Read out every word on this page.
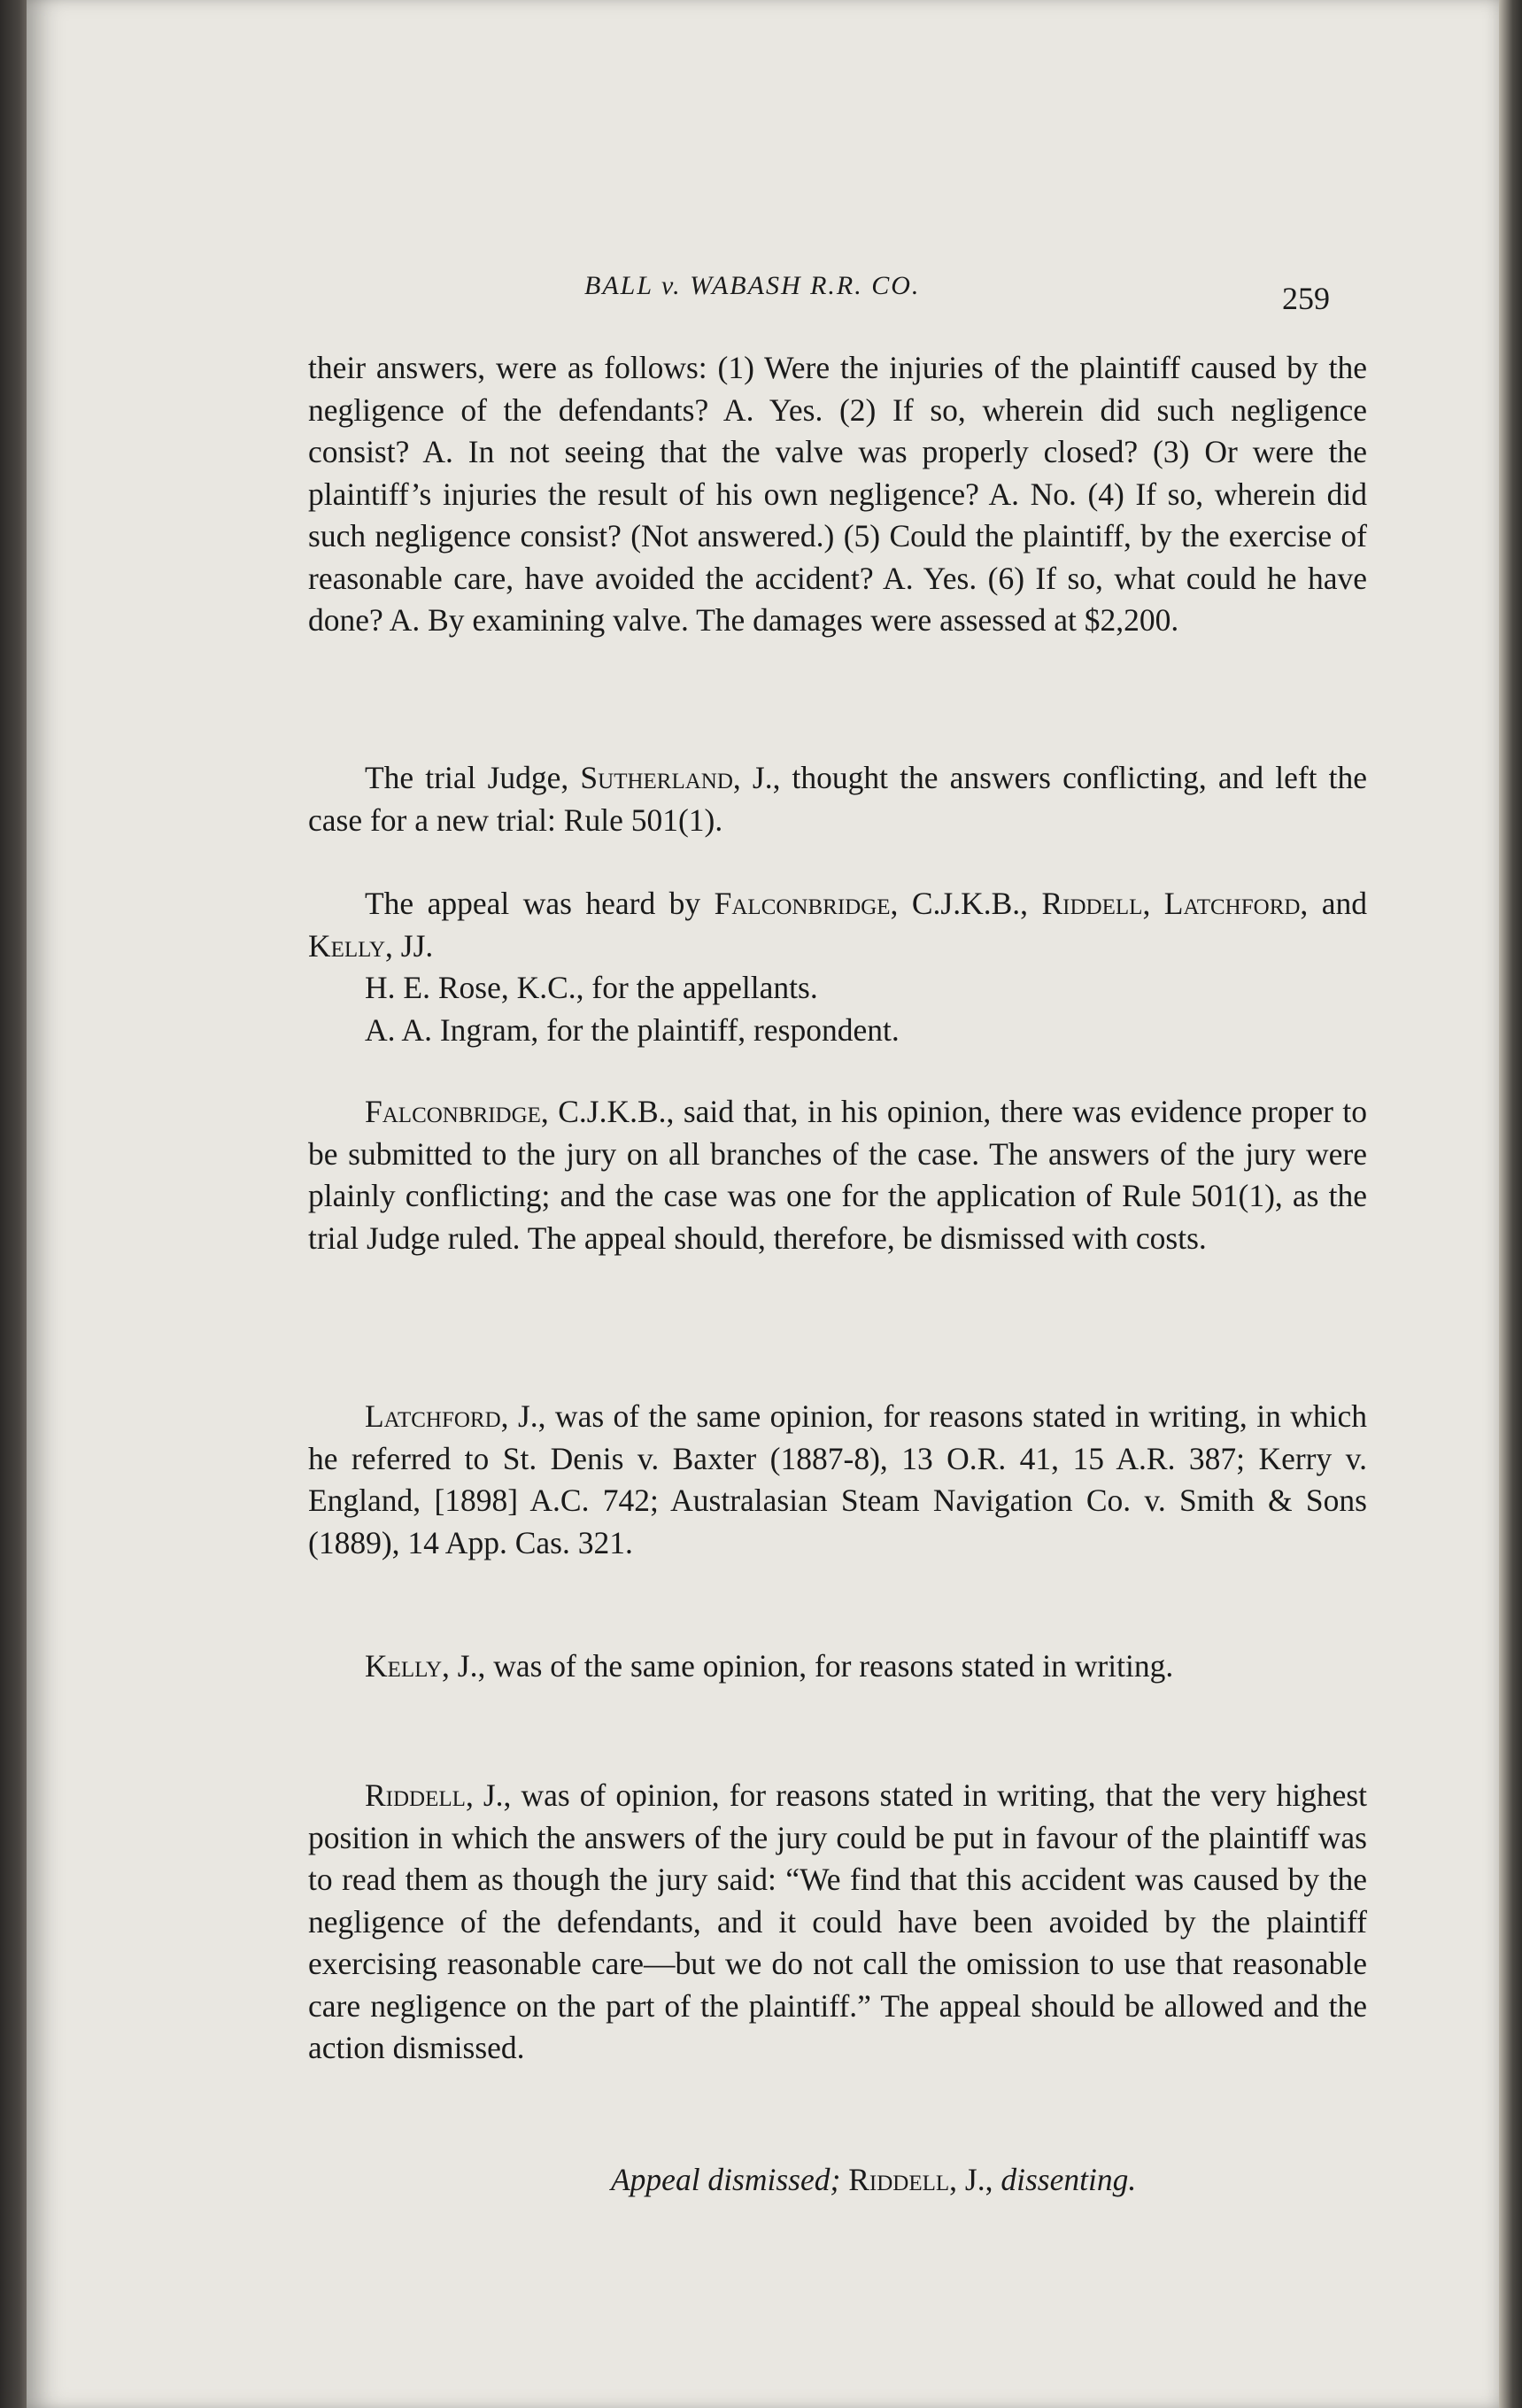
BALL v. WABASH R.R. CO.	259

their answers, were as follows: (1) Were the injuries of the plaintiff caused by the negligence of the defendants? A. Yes. (2) If so, wherein did such negligence consist? A. In not seeing that the valve was properly closed? (3) Or were the plaintiff’s injuries the result of his own negligence? A. No. (4) If so, wherein did such negligence consist? (Not answered.) (5) Could the plaintiff, by the exercise of reasonable care, have avoided the accident? A. Yes. (6) If so, what could he have done? A. By examining valve. The damages were assessed at $2,200.

The trial Judge, Sutherland, J., thought the answers conflicting, and left the case for a new trial: Rule 501(1).

The appeal was heard by Falconbridge, C.J.K.B., Riddell, Latchford, and Kelly, JJ.

H. E. Rose, K.C., for the appellants.

A. A. Ingram, for the plaintiff, respondent.

Falconbridge, C.J.K.B., said that, in his opinion, there was evidence proper to be submitted to the jury on all branches of the case. The answers of the jury were plainly conflicting; and the case was one for the application of Rule 501(1), as the trial Judge ruled. The appeal should, therefore, be dismissed with costs.

Latchford, J., was of the same opinion, for reasons stated in writing, in which he referred to St. Denis v. Baxter (1887-8), 13 O.R. 41, 15 A.R. 387; Kerry v. England, [1898] A.C. 742; Australasian Steam Navigation Co. v. Smith & Sons (1889), 14 App. Cas. 321.

Kelly, J., was of the same opinion, for reasons stated in writing.

Riddell, J., was of opinion, for reasons stated in writing, that the very highest position in which the answers of the jury could be put in favour of the plaintiff was to read them as though the jury said: “We find that this accident was caused by the negligence of the defendants, and it could have been avoided by the plaintiff exercising reasonable care—but we do not call the omission to use that reasonable care negligence on the part of the plaintiff.” The appeal should be allowed and the action dismissed.

Appeal dismissed; Riddell, J., dissenting.
